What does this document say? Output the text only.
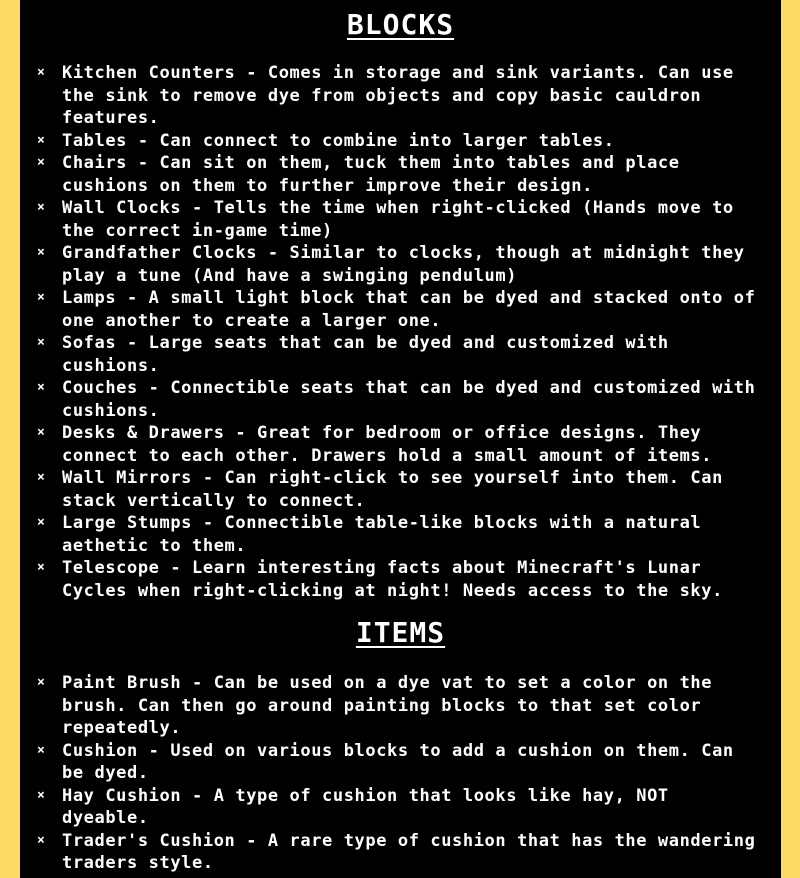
BLOCKS
× Kitchen Counters - Comes in storage and sink variants. Can use the sink to remove dye from objects and copy basic cauldron features.
× Tables - Can connect to combine into larger tables.
× Chairs - Can sit on them, tuck them into tables and place cushions on them to further improve their design.
× Wall Clocks - Tells the time when right-clicked (Hands move to the correct in-game time)
× Grandfather Clocks - Similar to clocks, though at midnight they play a tune (And have a swinging pendulum)
× Lamps - A small light block that can be dyed and stacked onto of one another to create a larger one.
× Sofas - Large seats that can be dyed and customized with cushions.
× Couches - Connectible seats that can be dyed and customized with cushions.
× Desks & Drawers - Great for bedroom or office designs. They connect to each other. Drawers hold a small amount of items.
× Wall Mirrors - Can right-click to see yourself into them. Can stack vertically to connect.
× Large Stumps - Connectible table-like blocks with a natural aethetic to them.
× Telescope - Learn interesting facts about Minecraft's Lunar Cycles when right-clicking at night! Needs access to the sky.
ITEMS
× Paint Brush - Can be used on a dye vat to set a color on the brush. Can then go around painting blocks to that set color repeatedly.
× Cushion - Used on various blocks to add a cushion on them. Can be dyed.
× Hay Cushion - A type of cushion that looks like hay, NOT dyeable.
× Trader's Cushion - A rare type of cushion that has the wandering traders style.
